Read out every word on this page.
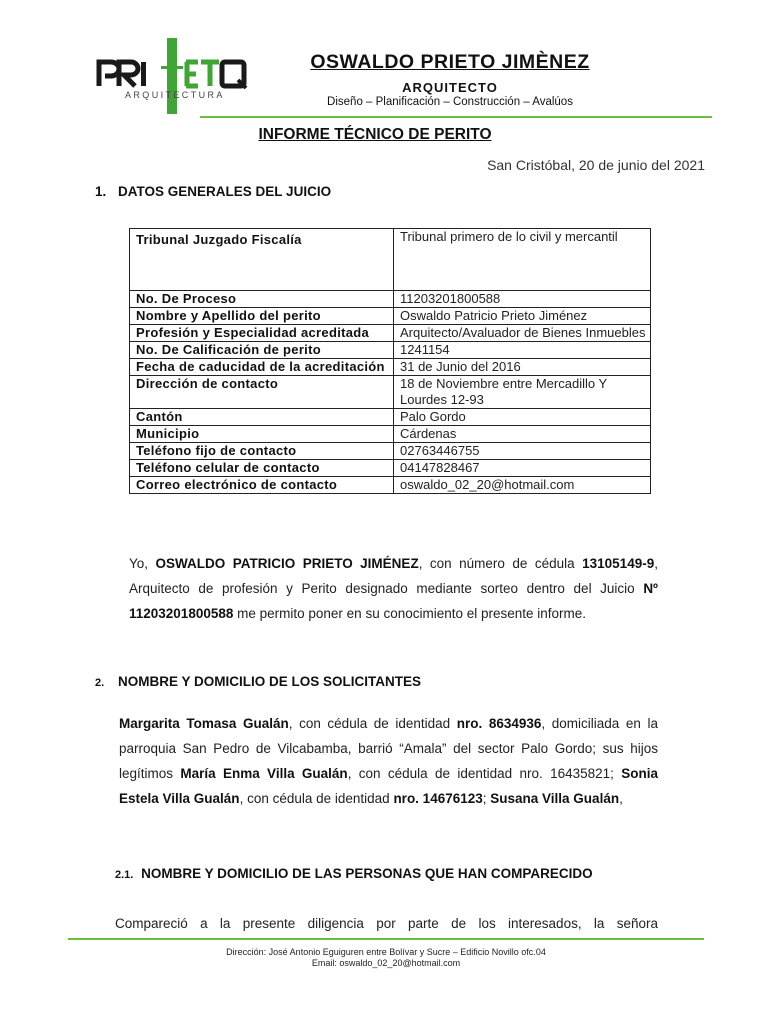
ARQUITECTURA
OSWALDO PRIETO JIMÈNEZ
ARQUITECTO
Diseño – Planificación – Construcción – Avalúos
INFORME TÉCNICO DE PERITO
San Cristóbal, 20 de junio del 2021
1. DATOS GENERALES DEL JUICIO
Tribunal Juzgado Fiscalía	Tribunal primero de lo civil y mercantil
No. De Proceso	11203201800588
Nombre y Apellido del perito	Oswaldo Patricio Prieto Jiménez
Profesión y Especialidad acreditada	Arquitecto/Avaluador de Bienes Inmuebles
No. De Calificación de perito	1241154
Fecha de caducidad de la acreditación	31 de Junio del 2016
Dirección de contacto	18 de Noviembre entre Mercadillo Y Lourdes 12-93
Cantón	Palo Gordo
Municipio	Cárdenas
Teléfono fijo de contacto	02763446755
Teléfono celular de contacto	04147828467
Correo electrónico de contacto	oswaldo_02_20@hotmail.com
Yo, OSWALDO PATRICIO PRIETO JIMÉNEZ, con número de cédula 13105149-9, Arquitecto de profesión y Perito designado mediante sorteo dentro del Juicio Nº 11203201800588 me permito poner en su conocimiento el presente informe.
2. NOMBRE Y DOMICILIO DE LOS SOLICITANTES
Margarita Tomasa Gualán, con cédula de identidad nro. 8634936, domiciliada en la parroquia San Pedro de Vilcabamba, barrió “Amala” del sector Palo Gordo; sus hijos legítimos María Enma Villa Gualán, con cédula de identidad nro. 16435821; Sonia Estela Villa Gualán, con cédula de identidad nro. 14676123; Susana Villa Gualán,
2.1. NOMBRE Y DOMICILIO DE LAS PERSONAS QUE HAN COMPARECIDO
Compareció a la presente diligencia por parte de los interesados, la señora
Dirección: José Antonio Eguiguren entre Bolívar y Sucre – Edificio Novillo ofc.04
Email: oswaldo_02_20@hotmail.com
